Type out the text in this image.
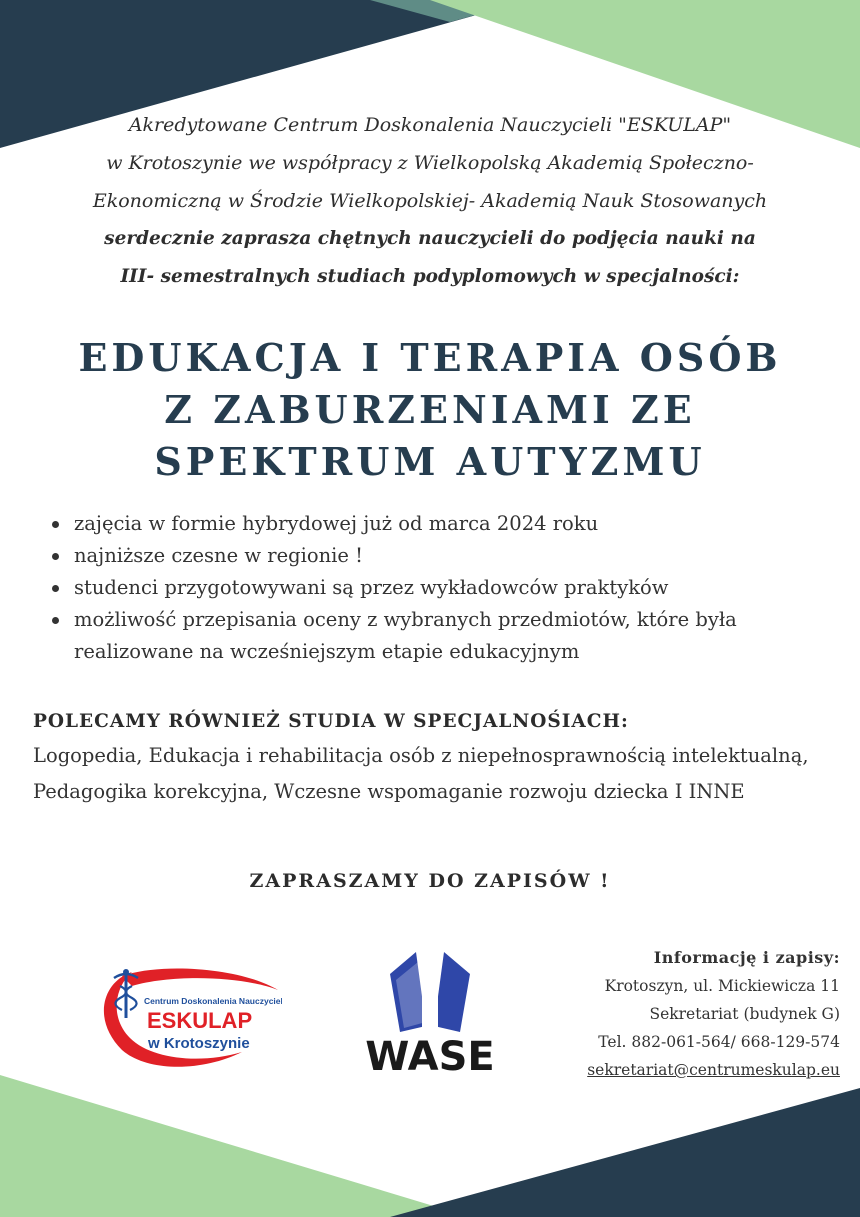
Akredytowane Centrum Doskonalenia Nauczycieli "ESKULAP"

w Krotoszynie we współpracy z Wielkopolską Akademią Społeczno-

Ekonomiczną w Środzie Wielkopolskiej- Akademią Nauk Stosowanych

serdecznie zaprasza chętnych nauczycieli do podjęcia nauki na

III- semestralnych studiach podyplomowych w specjalności:

EDUKACJA I TERAPIA OSÓB
Z ZABURZENIAMI ZE
SPEKTRUM AUTYZMU
zajęcia w formie hybrydowej już od marca 2024 roku
najniższe czesne w regionie !
studenci przygotowywani są przez wykładowców praktyków
możliwość przepisania oceny z wybranych przedmiotów, które była realizowane na wcześniejszym etapie edukacyjnym
POLECAMY RÓWNIEŻ STUDIA W SPECJALNOŚIACH:
Logopedia, Edukacja i rehabilitacja osób z niepełnosprawnością intelektualną, Pedagogika korekcyjna, Wczesne wspomaganie rozwoju dziecka I INNE
ZAPRASZAMY DO ZAPISÓW !
Centrum Doskonalenia Nauczycieli
ESKULAP
w Krotoszynie	WASE
Informację i zapisy:
Krotoszyn, ul. Mickiewicza 11
Sekretariat (budynek G)
Tel. 882-061-564/ 668-129-574
sekretariat@centrumeskulap.eu
